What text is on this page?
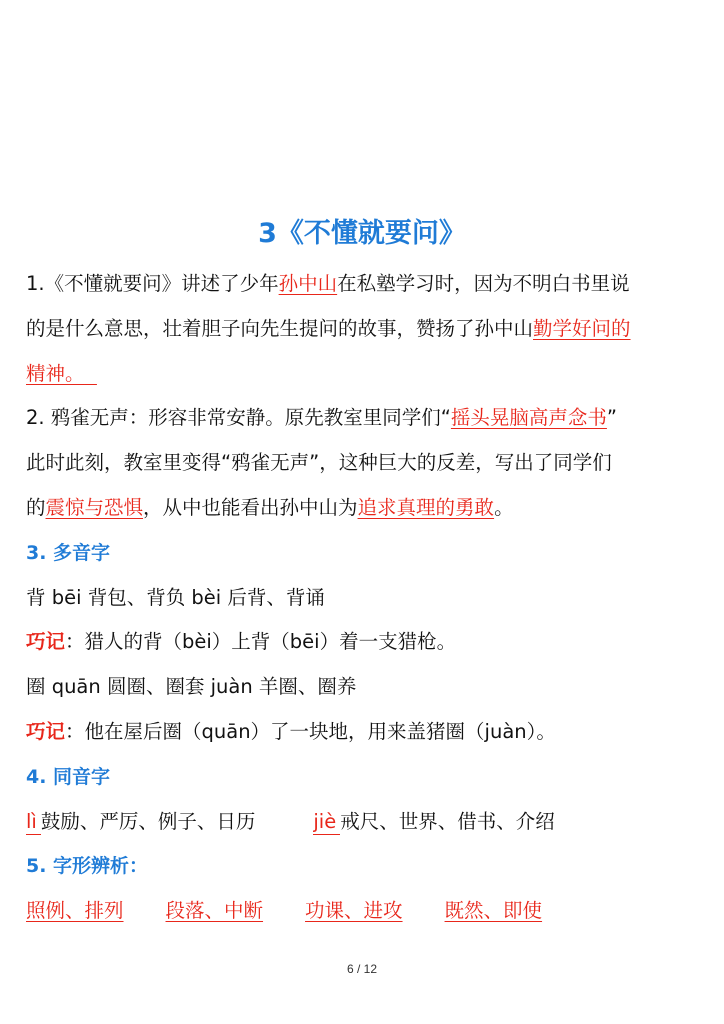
3《不懂就要问》
1.《不懂就要问》讲述了少年孙中山在私塾学习时，因为不明白书里说
的是什么意思，壮着胆子向先生提问的故事，赞扬了孙中山勤学好问的
精神。
2. 鸦雀无声：形容非常安静。原先教室里同学们“摇头晃脑高声念书”
此时此刻，教室里变得“鸦雀无声”，这种巨大的反差，写出了同学们
的震惊与恐惧，从中也能看出孙中山为追求真理的勇敢。
3. 多音字
背 bēi 背包、背负 bèi 后背、背诵
巧记：猎人的背（bèi）上背（bēi）着一支猎枪。
圈 quān 圆圈、圈套 juàn 羊圈、圈养
巧记：他在屋后圈（quān）了一块地，用来盖猪圈（juàn）。
4. 同音字
lì 鼓励、严厉、例子、日历	jiè 戒尺、世界、借书、介绍
5. 字形辨析：
照例、排列 段落、中断 功课、进攻 既然、即使
6 / 12
